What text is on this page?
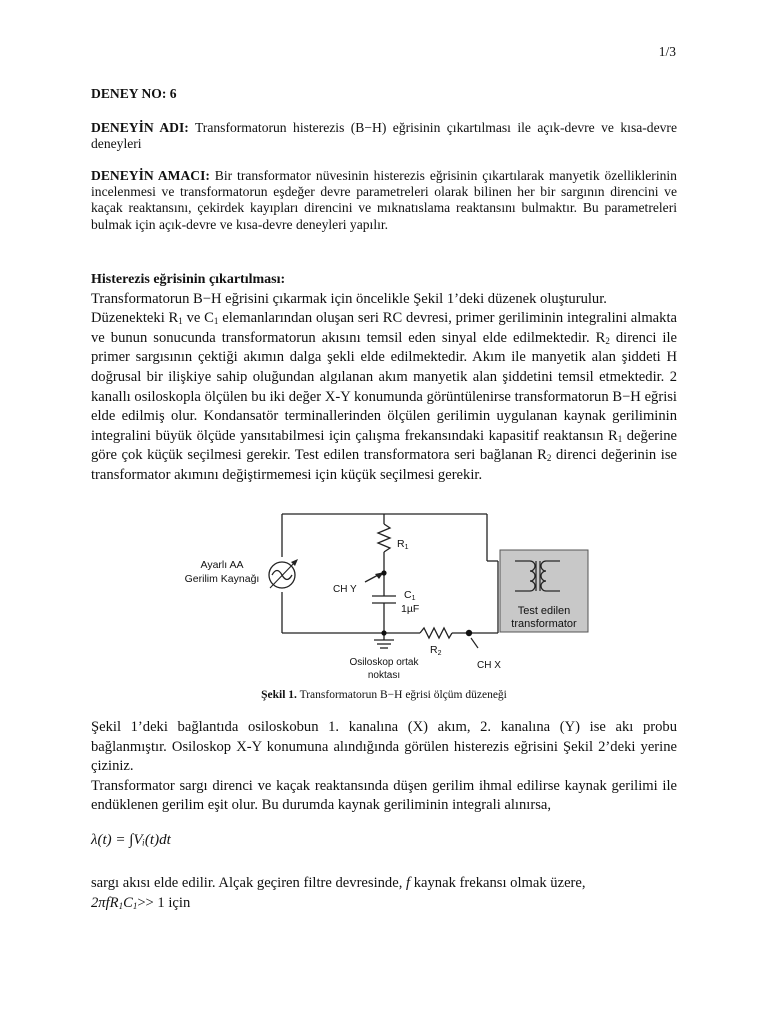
1/3
DENEY NO: 6
DENEYİN ADI: Transformatorun histerezis (B−H) eğrisinin çıkartılması ile açık-devre ve kısa-devre deneyleri
DENEYİN AMACI: Bir transformator nüvesinin histerezis eğrisinin çıkartılarak manyetik özelliklerinin incelenmesi ve transformatorun eşdeğer devre parametreleri olarak bilinen her bir sargının direncini ve kaçak reaktansını, çekirdek kayıpları direncini ve mıknatıslama reaktansını bulmaktır. Bu parametreleri bulmak için açık-devre ve kısa-devre deneyleri yapılır.
Histerezis eğrisinin çıkartılması:
Transformatorun B−H eğrisini çıkarmak için öncelikle Şekil 1’deki düzenek oluşturulur.
Düzenekteki $R_1$ ve $C_1$ elemanlarından oluşan seri RC devresi, primer geriliminin integralini almakta ve bunun sonucunda transformatorun akısını temsil eden sinyal elde edilmektedir. $R_2$ direnci ile primer sargısının çektiği akımın dalga şekli elde edilmektedir. Akım ile manyetik alan şiddeti H doğrusal bir ilişkiye sahip oluğundan algılanan akım manyetik alan şiddetini temsil etmektedir. 2 kanallı osiloskopla ölçülen bu iki değer X-Y konumunda görüntülenirse transformatorun B−H eğrisi elde edilmiş olur. Kondansatör terminallerinden ölçülen gerilimin uygulanan kaynak geriliminin integralini büyük ölçüde yansıtabilmesi için çalışma frekansındaki kapasitif reaktansın $R_1$ değerine göre çok küçük seçilmesi gerekir. Test edilen transformatora seri bağlanan $R_2$ direnci değerinin ise transformator akımını değiştirmemesi için küçük seçilmesi gerekir.
Test edilen
transformator
Ayarlı AA
Gerilim Kaynağı
R1
CH Y	C1
1µF
R2
Osiloskop ortak
noktası
CH X
Şekil 1. Transformatorun B−H eğrisi ölçüm düzeneği
Şekil 1’deki bağlantıda osiloskobun 1. kanalına (X) akım, 2. kanalına (Y) ise akı probu bağlanmıştır. Osiloskop X-Y konumuna alındığında görülen histerezis eğrisini Şekil 2’deki yerine çiziniz.
Transformator sargı direnci ve kaçak reaktansında düşen gerilim ihmal edilirse kaynak gerilimi ile endüklenen gerilim eşit olur. Bu durumda kaynak geriliminin integrali alınırsa,
λ(t) = ∫Vᵢ(t)dt
sargı akısı elde edilir. Alçak geçiren filtre devresinde, f kaynak frekansı olmak üzere,
$2\pi fR_1C_1>> 1$ için
